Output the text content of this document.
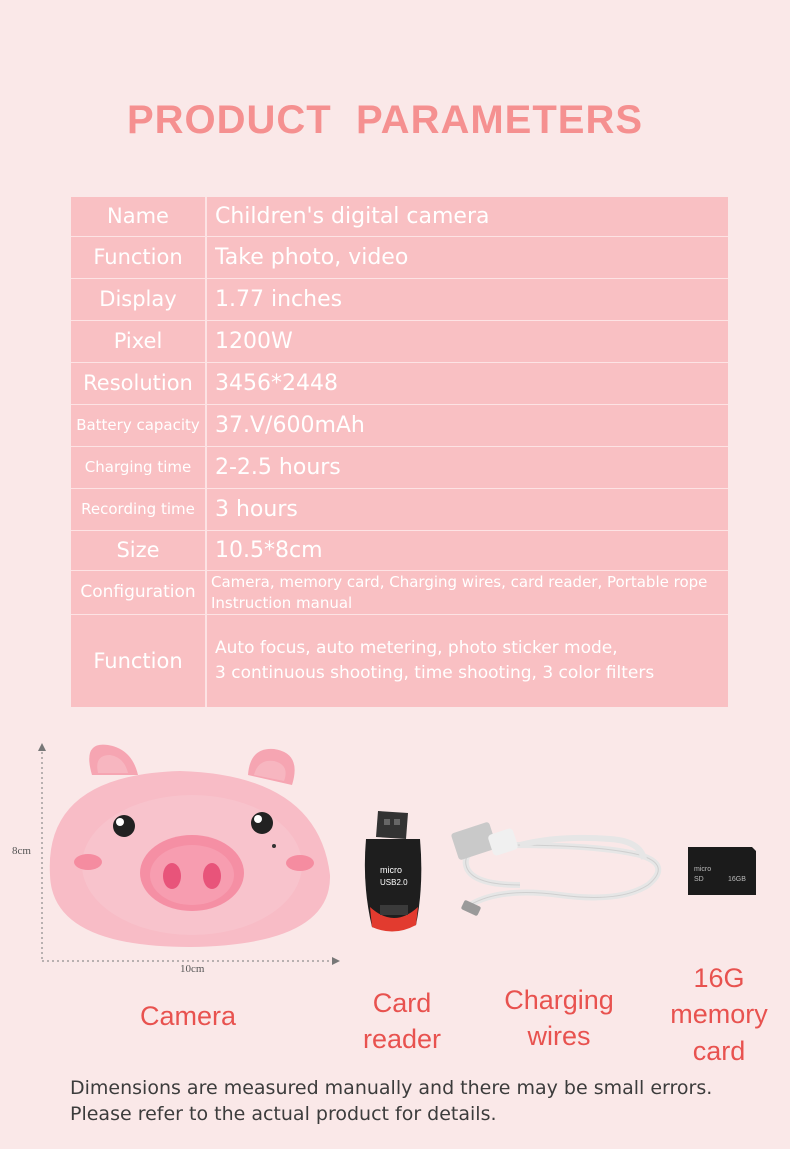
PRODUCT  PARAMETERS
Name	Children's digital camera
Function	Take photo, video
Display	1.77 inches
Pixel	1200W
Resolution	3456*2448
Battery capacity 37.V/600mAh
Charging time	2-2.5 hours
Recording time 3 hours
Size	10.5*8cm
Configuration	Camera, memory card, Charging wires, card reader, Portable rope
Instruction manual
Function
Auto focus, auto metering, photo sticker mode,
3 continuous shooting, time shooting, 3 color filters
micro
USB2.0
micro
SD	16GB
8cm
10cm
Camera	Card
reader
Charging
wires
16G
memory
card
Dimensions are measured manually and there may be small errors.
Please refer to the actual product for details.
